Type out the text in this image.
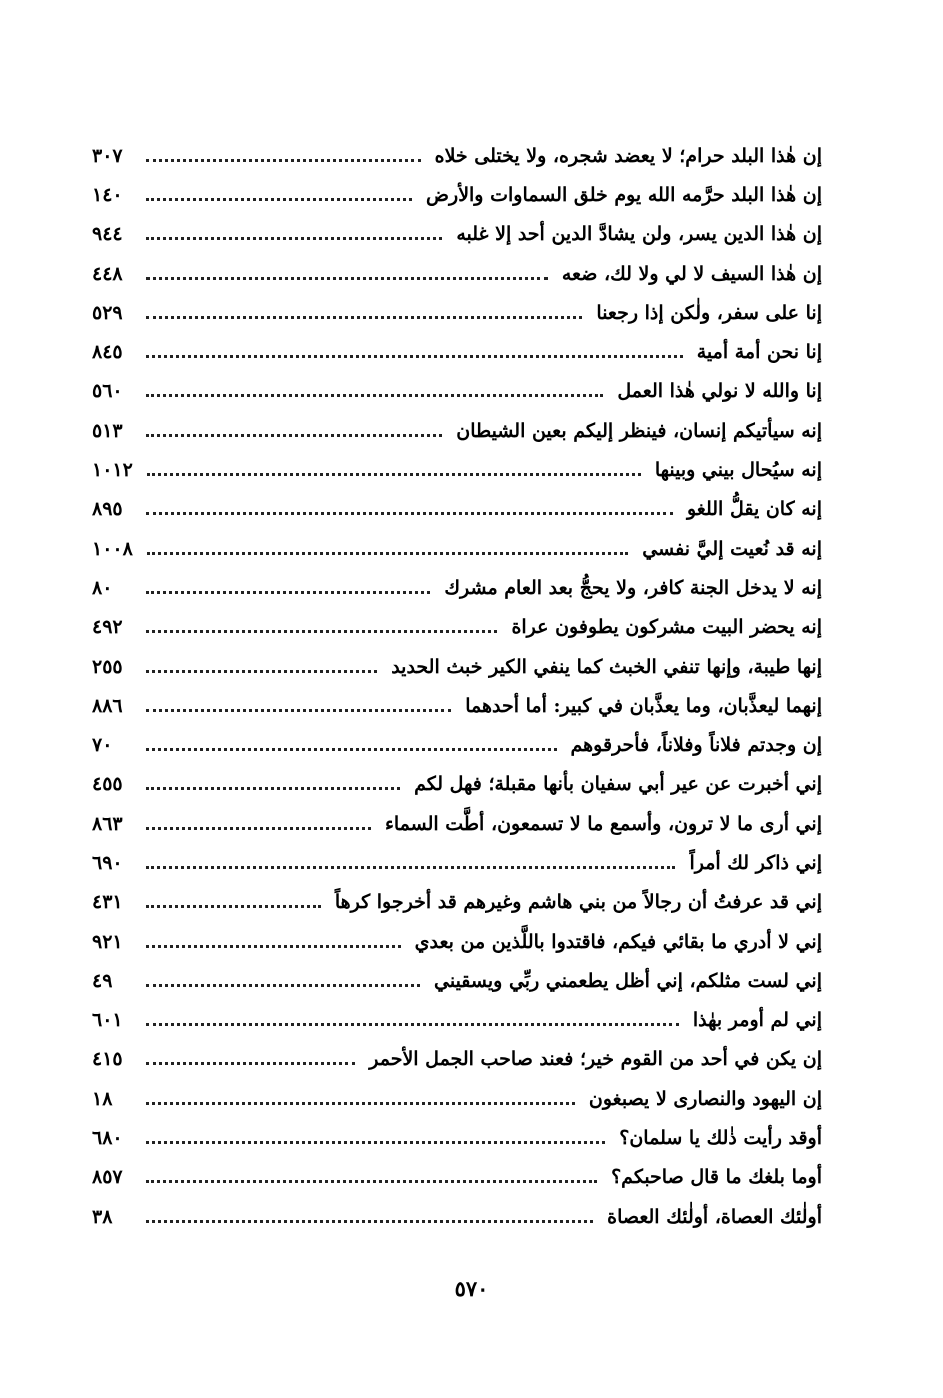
إن هٰذا البلد حرام؛ لا يعضد شجره، ولا يختلى خلاه
٣٠٧
إن هٰذا البلد حرَّمه الله يوم خلق السماوات والأرض
١٤٠
إن هٰذا الدين يسر، ولن يشادَّ الدين أحد إلا غلبه
٩٤٤
إن هٰذا السيف لا لي ولا لك، ضعه
٤٤٨
إنا على سفر، ولٰكن إذا رجعنا
٥٢٩
إنا نحن أمة أمية
٨٤٥
إنا والله لا نولي هٰذا العمل
٥٦٠
إنه سيأتيكم إنسان، فينظر إليكم بعين الشيطان
٥١٣
إنه سيُحال بيني وبينها
١٠١٢
إنه كان يقلُّ اللغو
٨٩٥
إنه قد نُعيت إليَّ نفسي
١٠٠٨
إنه لا يدخل الجنة كافر، ولا يحجُّ بعد العام مشرك
٨٠
إنه يحضر البيت مشركون يطوفون عراة
٤٩٢
إنها طيبة، وإنها تنفي الخبث كما ينفي الكير خبث الحديد
٢٥٥
إنهما ليعذَّبان، وما يعذَّبان في كبير: أما أحدهما
٨٨٦
إن وجدتم فلاناً وفلاناً، فأحرقوهم
٧٠
إني أخبرت عن عير أبي سفيان بأنها مقبلة؛ فهل لكم
٤٥٥
إني أرى ما لا ترون، وأسمع ما لا تسمعون، أطَّت السماء
٨٦٣
إني ذاكر لك أمراً
٦٩٠
إني قد عرفتُ أن رجالاً من بني هاشم وغيرهم قد أخرجوا كرهاً
٤٣١
إني لا أدري ما بقائي فيكم، فاقتدوا باللَّذين من بعدي
٩٢١
إني لست مثلكم، إني أظل يطعمني ربِّي ويسقيني
٤٩
إني لم أومر بهٰذا
٦٠١
إن يكن في أحد من القوم خير؛ فعند صاحب الجمل الأحمر
٤١٥
إن اليهود والنصارى لا يصبغون
١٨
أوقد رأيت ذٰلك يا سلمان؟
٦٨٠
أوما بلغك ما قال صاحبكم؟
٨٥٧
أولٰئك العصاة، أولٰئك العصاة
٣٨
٥٧٠
